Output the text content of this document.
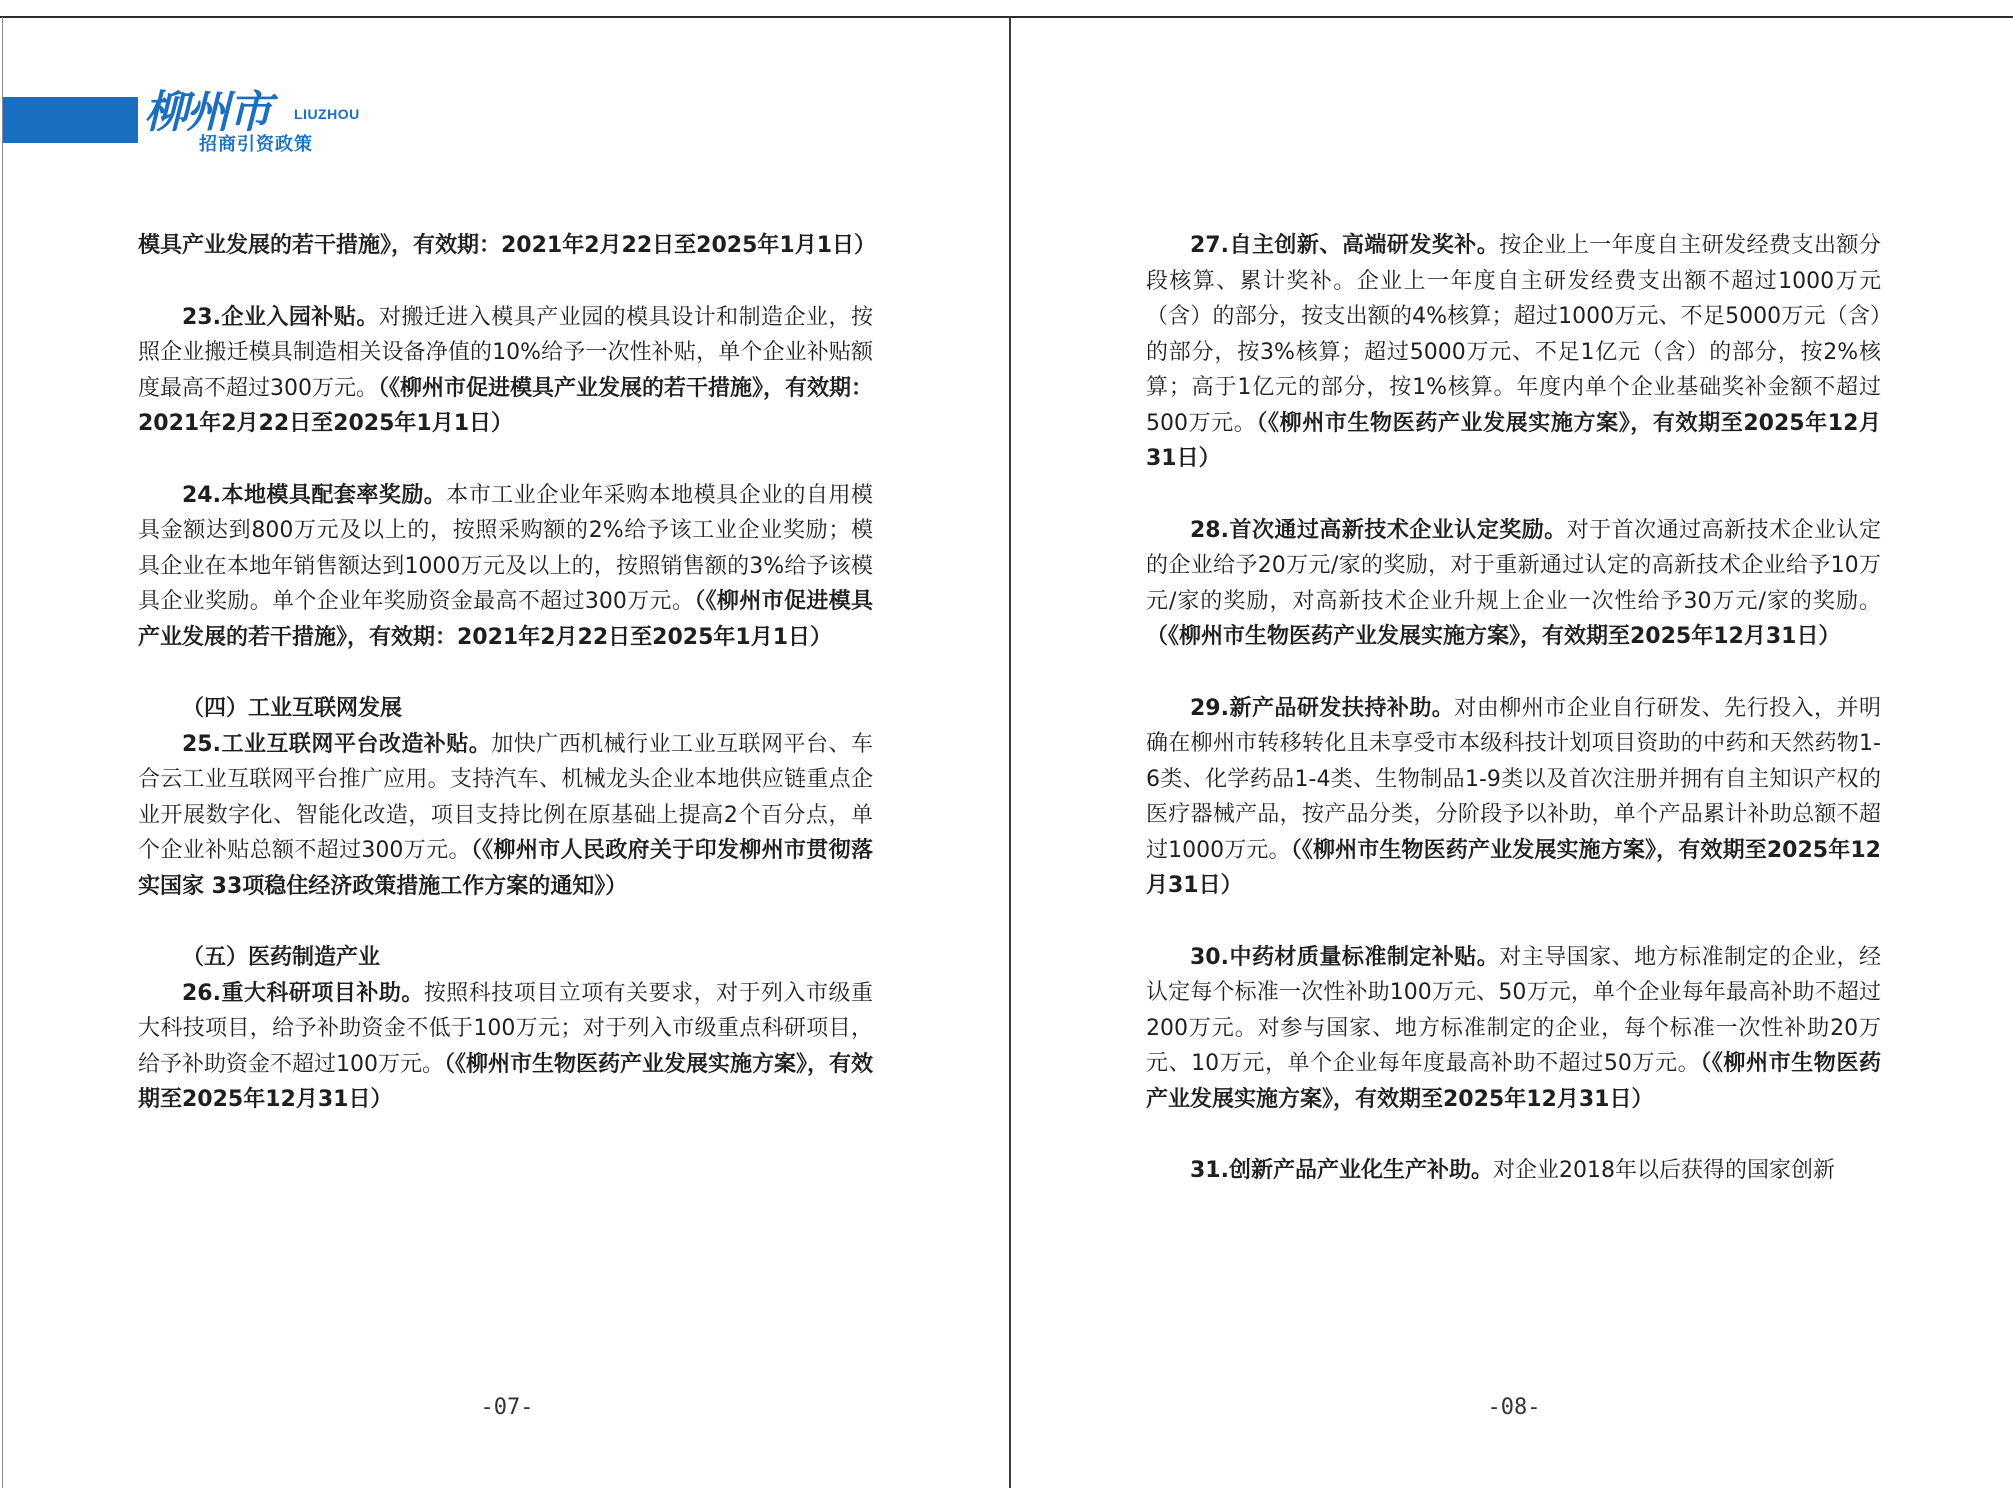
柳州市 LIUZHOU
招商引资政策

模具产业发展的若干措施》，有效期：2021年2月22日至2025年1月1日）

23.企业入园补贴。对搬迁进入模具产业园的模具设计和制造企业，按照企业搬迁模具制造相关设备净值的10%给予一次性补贴，单个企业补贴额度最高不超过300万元。（《柳州市促进模具产业发展的若干措施》，有效期：2021年2月22日至2025年1月1日）

24.本地模具配套率奖励。本市工业企业年采购本地模具企业的自用模具金额达到800万元及以上的，按照采购额的2%给予该工业企业奖励；模具企业在本地年销售额达到1000万元及以上的，按照销售额的3%给予该模具企业奖励。单个企业年奖励资金最高不超过300万元。（《柳州市促进模具产业发展的若干措施》，有效期：2021年2月22日至2025年1月1日）

（四）工业互联网发展

25.工业互联网平台改造补贴。加快广西机械行业工业互联网平台、车合云工业互联网平台推广应用。支持汽车、机械龙头企业本地供应链重点企业开展数字化、智能化改造，项目支持比例在原基础上提高2个百分点，单个企业补贴总额不超过300万元。（《柳州市人民政府关于印发柳州市贯彻落实国家 33项稳住经济政策措施工作方案的通知》）

（五）医药制造产业

26.重大科研项目补助。按照科技项目立项有关要求，对于列入市级重大科技项目，给予补助资金不低于100万元；对于列入市级重点科研项目，给予补助资金不超过100万元。（《柳州市生物医药产业发展实施方案》，有效期至2025年12月31日）

27.自主创新、高端研发奖补。按企业上一年度自主研发经费支出额分段核算、累计奖补。企业上一年度自主研发经费支出额不超过1000万元（含）的部分，按支出额的4%核算；超过1000万元、不足5000万元（含）的部分，按3%核算；超过5000万元、不足1亿元（含）的部分，按2%核算；高于1亿元的部分，按1%核算。年度内单个企业基础奖补金额不超过500万元。（《柳州市生物医药产业发展实施方案》，有效期至2025年12月31日）

28.首次通过高新技术企业认定奖励。对于首次通过高新技术企业认定的企业给予20万元/家的奖励，对于重新通过认定的高新技术企业给予10万元/家的奖励，对高新技术企业升规上企业一次性给予30万元/家的奖励。（《柳州市生物医药产业发展实施方案》，有效期至2025年12月31日）

29.新产品研发扶持补助。对由柳州市企业自行研发、先行投入，并明确在柳州市转移转化且未享受市本级科技计划项目资助的中药和天然药物1-6类、化学药品1-4类、生物制品1-9类以及首次注册并拥有自主知识产权的医疗器械产品，按产品分类，分阶段予以补助，单个产品累计补助总额不超过1000万元。（《柳州市生物医药产业发展实施方案》，有效期至2025年12月31日）

30.中药材质量标准制定补贴。对主导国家、地方标准制定的企业，经认定每个标准一次性补助100万元、50万元，单个企业每年最高补助不超过200万元。对参与国家、地方标准制定的企业，每个标准一次性补助20万元、10万元，单个企业每年度最高补助不超过50万元。（《柳州市生物医药产业发展实施方案》，有效期至2025年12月31日）

31.创新产品产业化生产补助。对企业2018年以后获得的国家创新

-07-	-08-
